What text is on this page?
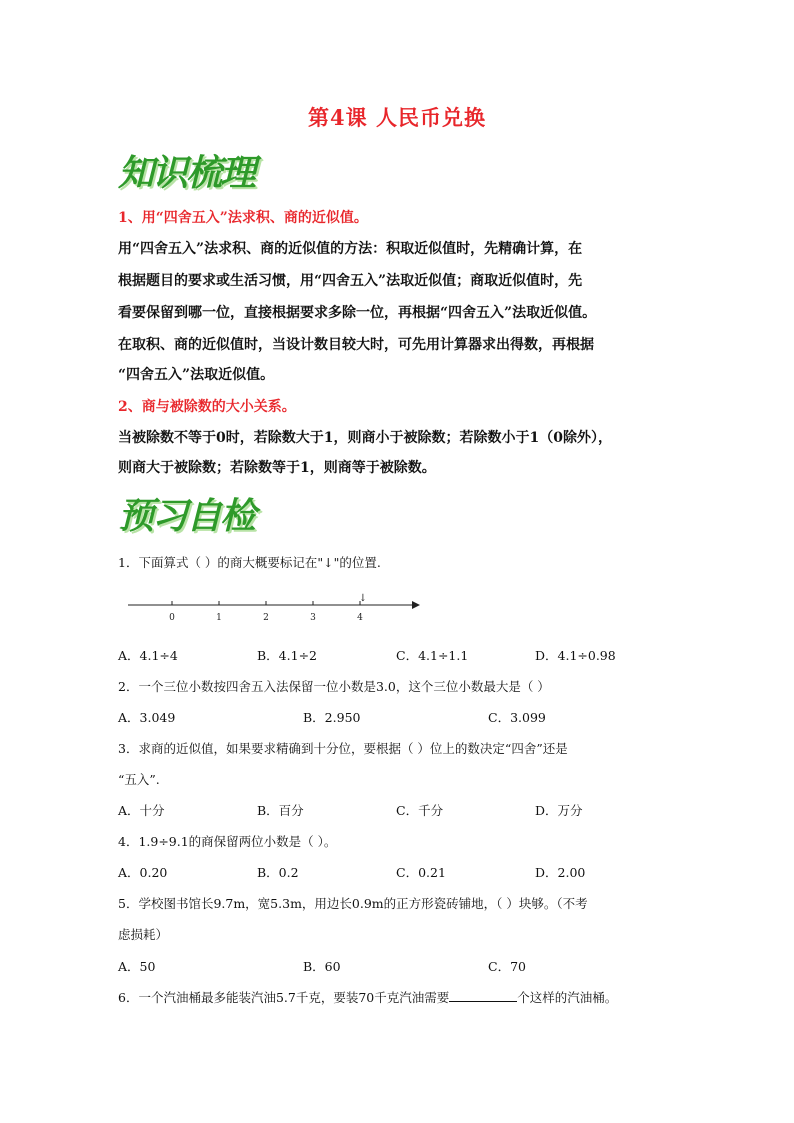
第4课 人民币兑换
知识梳理
1、用“四舍五入”法求积、商的近似值。
用“四舍五入”法求积、商的近似值的方法：积取近似值时，先精确计算，在
根据题目的要求或生活习惯，用“四舍五入”法取近似值；商取近似值时，先
看要保留到哪一位，直接根据要求多除一位，再根据“四舍五入”法取近似值。
在取积、商的近似值时，当设计数目较大时，可先用计算器求出得数，再根据
“四舍五入”法取近似值。
2、商与被除数的大小关系。
当被除数不等于0时，若除数大于1，则商小于被除数；若除数小于1（0除外），
则商大于被除数；若除数等于1，则商等于被除数。
预习自检
1．下面算式（ ）的商大概要标记在"↓"的位置.
0	1	2	3	4
↓
A．4.1÷4	B．4.1÷2	C．4.1÷1.1	D．4.1÷0.98
2．一个三位小数按四舍五入法保留一位小数是3.0，这个三位小数最大是（ ）
A．3.049	B．2.950	C．3.099
3．求商的近似值，如果要求精确到十分位，要根据（ ）位上的数决定“四舍”还是
“五入”.
A．十分	B．百分	C．千分	D．万分
4．1.9÷9.1的商保留两位小数是（ ）。
A．0.20	B．0.2	C．0.21	D．2.00
5．学校图书馆长9.7m，宽5.3m，用边长0.9m的正方形瓷砖铺地，（ ）块够。（不考
虑损耗）
A．50	B．60	C．70
6．一个汽油桶最多能装汽油5.7千克，要装70千克汽油需要	个这样的汽油桶。
